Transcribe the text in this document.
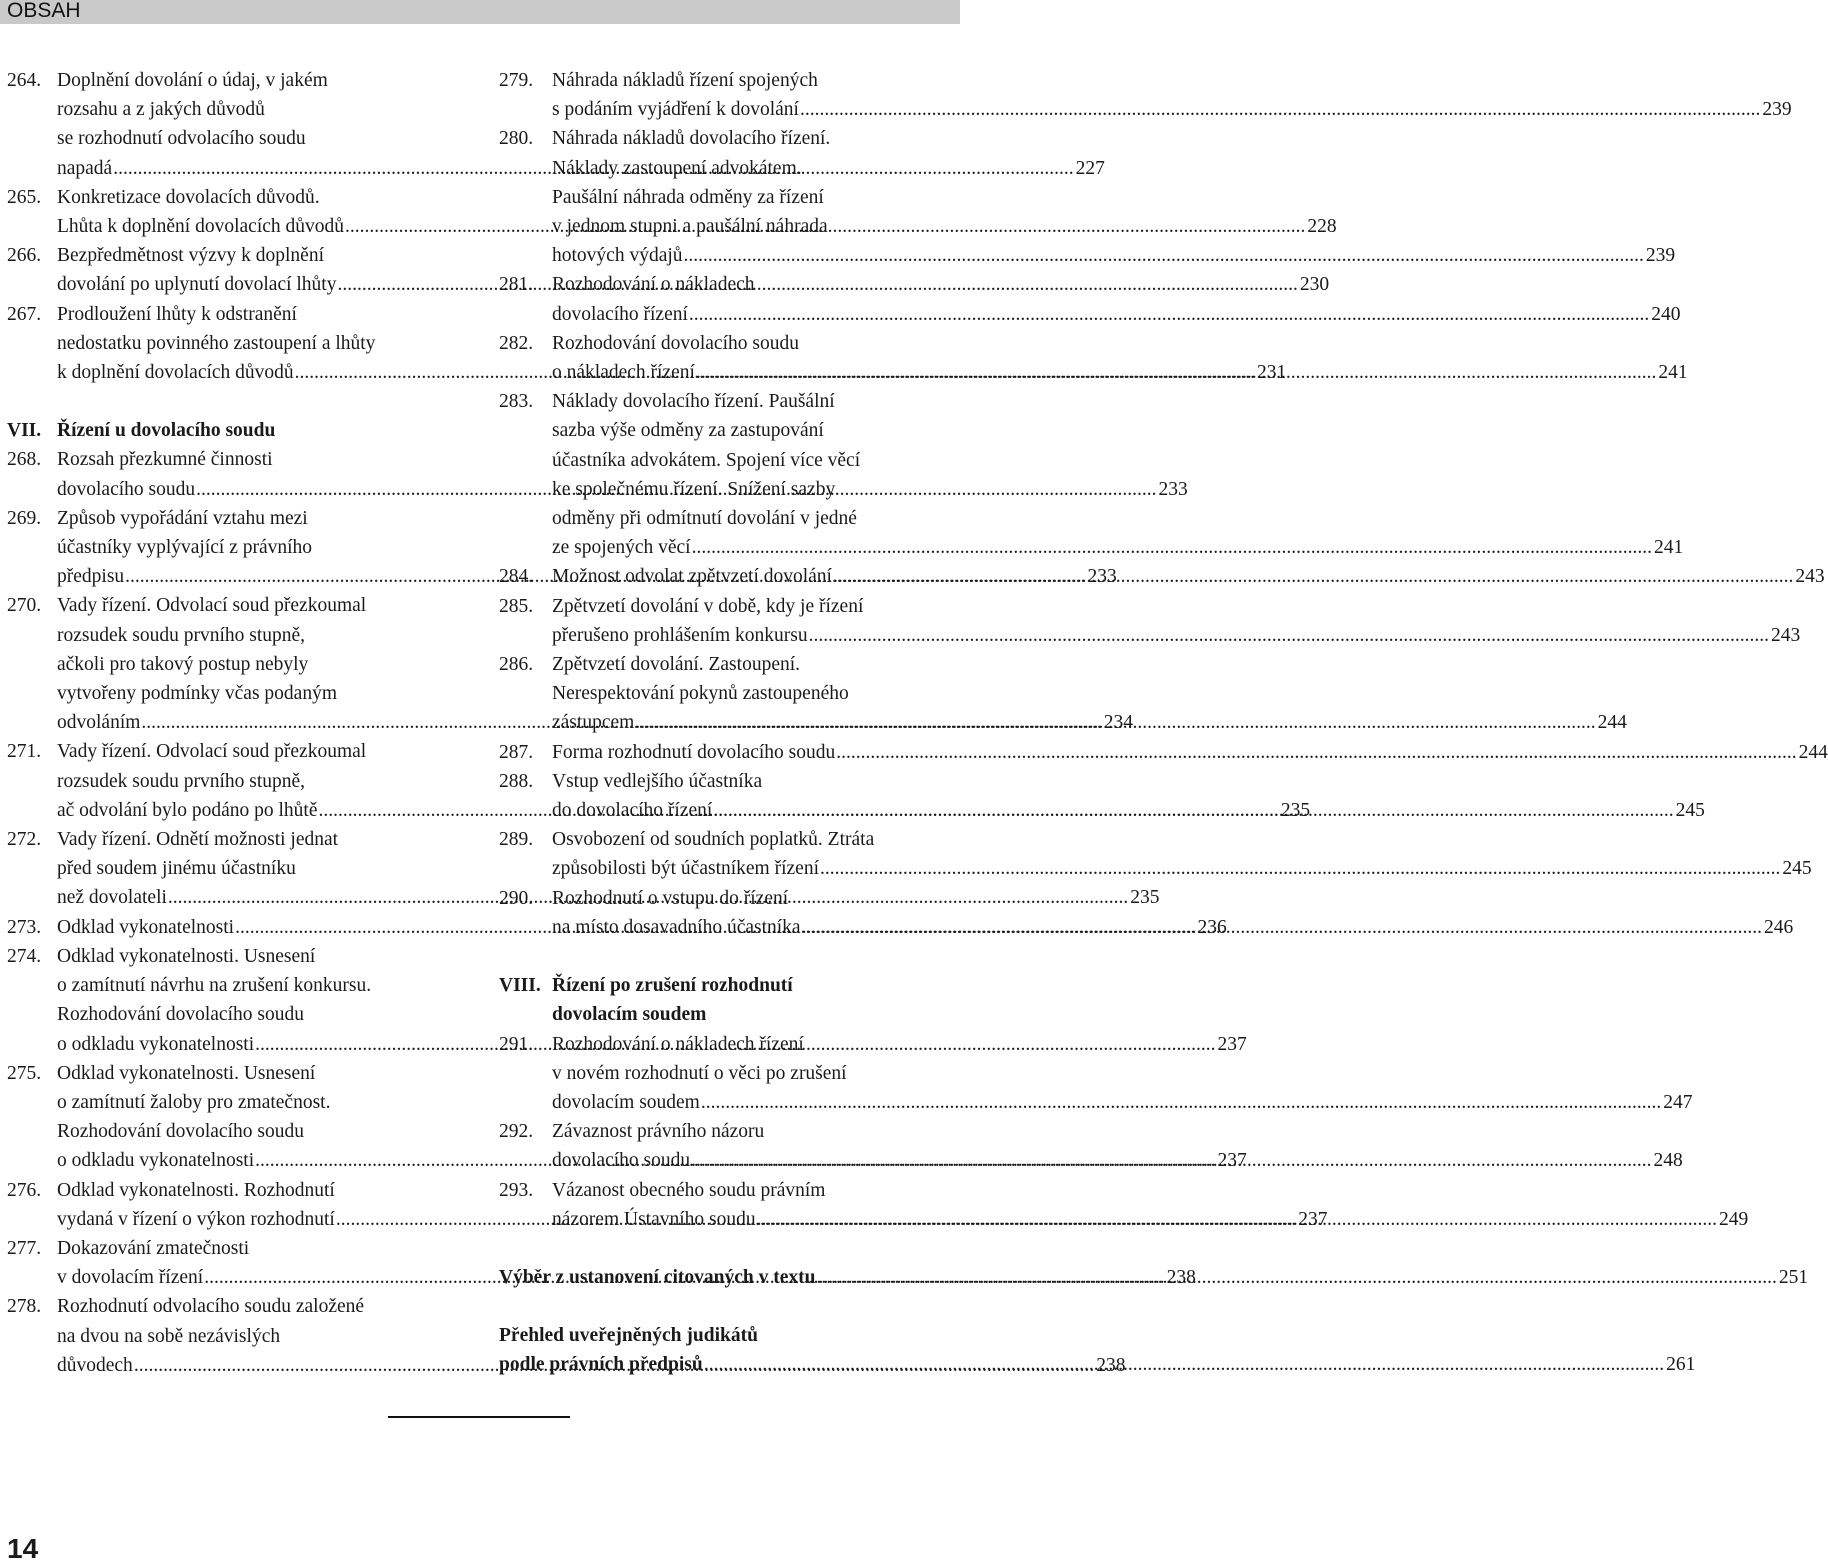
OBSAH
264. Doplnění dovolání o údaj, v jakém
rozsahu a z jakých důvodů
se rozhodnutí odvolacího soudu
napadá .....	227
265. Konkretizace dovolacích důvodů.
Lhůta k doplnění dovolacích důvodů .....	228
266. Bezpředmětnost výzvy k doplnění
dovolání po uplynutí dovolací lhůty .....	230
267. Prodloužení lhůty k odstranění
nedostatku povinného zastoupení a lhůty
k doplnění dovolacích důvodů .....	231
VII. Řízení u dovolacího soudu
268. Rozsah přezkumné činnosti
dovolacího soudu .....	233
269. Způsob vypořádání vztahu mezi
účastníky vyplývající z právního
předpisu .....	233
270. Vady řízení. Odvolací soud přezkoumal
rozsudek soudu prvního stupně,
ačkoli pro takový postup nebyly
vytvořeny podmínky včas podaným
odvoláním .....	234
271. Vady řízení. Odvolací soud přezkoumal
rozsudek soudu prvního stupně,
ač odvolání bylo podáno po lhůtě .....	235
272. Vady řízení. Odnětí možnosti jednat
před soudem jinému účastníku
než dovolateli .....	235
273. Odklad vykonatelnosti .....	236
274. Odklad vykonatelnosti. Usnesení
o zamítnutí návrhu na zrušení konkursu.
Rozhodování dovolacího soudu
o odkladu vykonatelnosti .....	237
275. Odklad vykonatelnosti. Usnesení
o zamítnutí žaloby pro zmatečnost.
Rozhodování dovolacího soudu
o odkladu vykonatelnosti .....	237
276. Odklad vykonatelnosti. Rozhodnutí
vydaná v řízení o výkon rozhodnutí .....	237
277. Dokazování zmatečnosti
v dovolacím řízení .....	238
278. Rozhodnutí odvolacího soudu založené
na dvou na sobě nezávislých
důvodech .....	238
279. Náhrada nákladů řízení spojených
s podáním vyjádření k dovolání .....	239
280. Náhrada nákladů dovolacího řízení.
Náklady zastoupení advokátem.
Paušální náhrada odměny za řízení
v jednom stupni a paušální náhrada
hotových výdajů .....	239
281. Rozhodování o nákladech
dovolacího řízení .....	240
282. Rozhodování dovolacího soudu
o nákladech řízení .....	241
283. Náklady dovolacího řízení. Paušální
sazba výše odměny za zastupování
účastníka advokátem. Spojení více věcí
ke společnému řízení. Snížení sazby
odměny při odmítnutí dovolání v jedné
ze spojených věcí .....	241
284. Možnost odvolat zpětvzetí dovolání .....	243
285. Zpětvzetí dovolání v době, kdy je řízení
přerušeno prohlášením konkursu .....	243
286. Zpětvzetí dovolání. Zastoupení.
Nerespektování pokynů zastoupeného
zástupcem .....	244
287. Forma rozhodnutí dovolacího soudu .....	244
288. Vstup vedlejšího účastníka
do dovolacího řízení .....	245
289. Osvobození od soudních poplatků. Ztráta
způsobilosti být účastníkem řízení .....	245
290. Rozhodnutí o vstupu do řízení
na místo dosavadního účastníka .....	246
VIII. Řízení po zrušení rozhodnutí
dovolacím soudem
291. Rozhodování o nákladech řízení
v novém rozhodnutí o věci po zrušení
dovolacím soudem .....	247
292. Závaznost právního názoru
dovolacího soudu .....	248
293. Vázanost obecného soudu právním
názorem Ústavního soudu .....	249
Výběr z ustanovení citovaných v textu .....	251
Přehled uveřejněných judikátů
podle právních předpisů .....	261
14
